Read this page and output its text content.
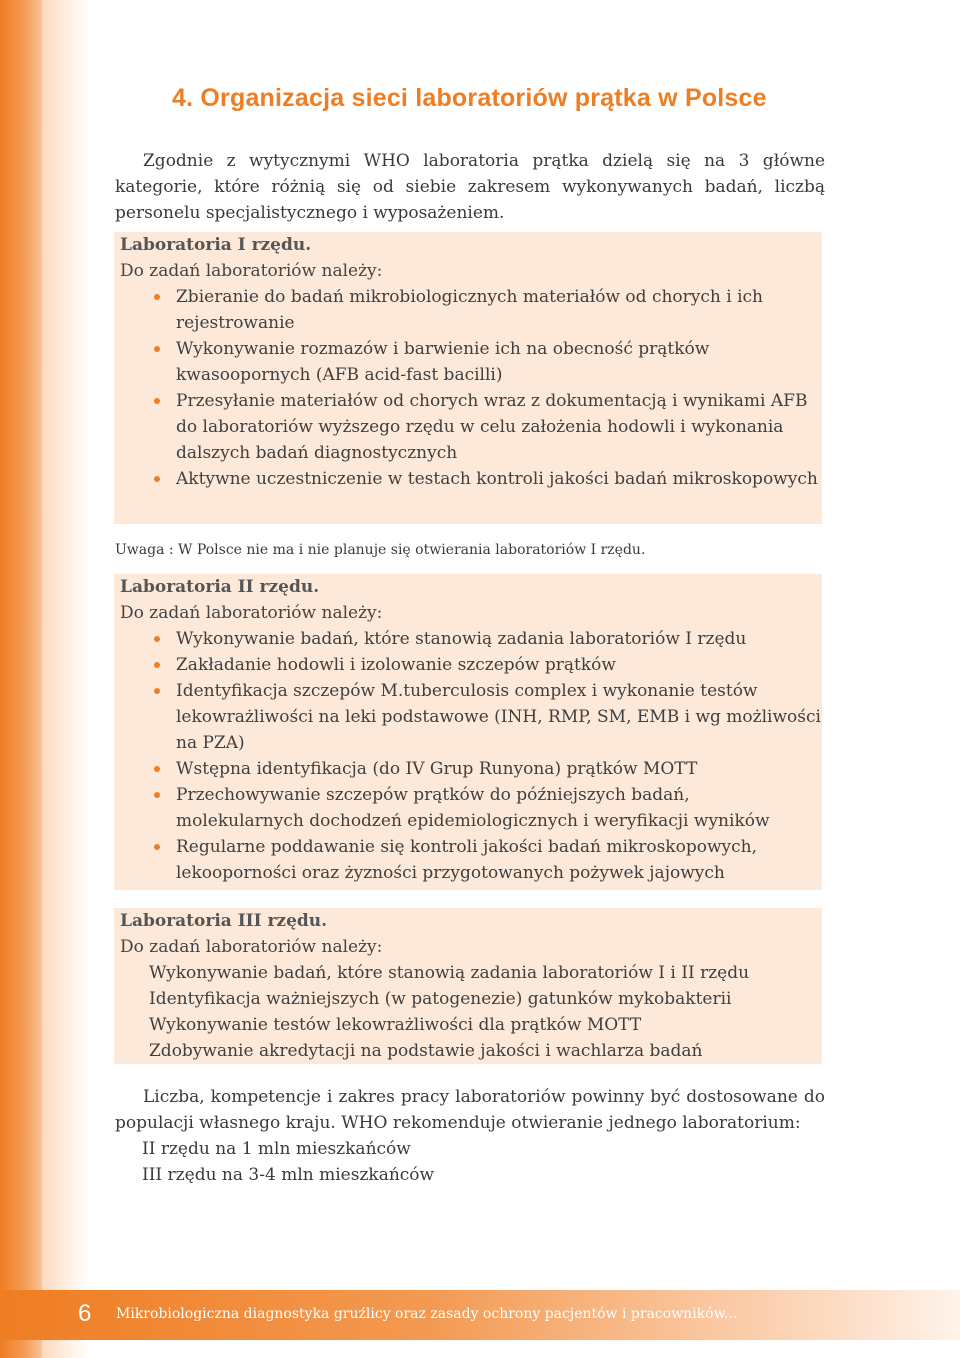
4. Organizacja sieci laboratoriów prątka w Polsce

Zgodnie z wytycznymi WHO laboratoria prątka dzielą się na 3 główne kategorie, które różnią się od siebie zakresem wykonywanych badań, liczbą personelu specjalistycznego i wyposażeniem.

Laboratoria I rzędu.

Do zadań laboratoriów należy:

Zbieranie do badań mikrobiologicznych materiałów od chorych i ich rejestrowanie
Wykonywanie rozmazów i barwienie ich na obecność prątków kwasoopornych (AFB acid-fast bacilli)
Przesyłanie materiałów od chorych wraz z dokumentacją i wynikami AFB do laboratoriów wyższego rzędu w celu założenia hodowli i wykonania dalszych badań diagnostycznych
Aktywne uczestniczenie w testach kontroli jakości badań mikroskopowych

Uwaga : W Polsce nie ma i nie planuje się otwierania laboratoriów I rzędu.

Laboratoria II rzędu.

Do zadań laboratoriów należy:

Wykonywanie badań, które stanowią zadania laboratoriów I rzędu
Zakładanie hodowli i izolowanie szczepów prątków
Identyfikacja szczepów M.tuberculosis complex i wykonanie testów lekowrażliwości na leki podstawowe (INH, RMP, SM, EMB i wg możliwości na PZA)
Wstępna identyfikacja (do IV Grup Runyona) prątków MOTT
Przechowywanie szczepów prątków do późniejszych badań, molekularnych dochodzeń epidemiologicznych i weryfikacji wyników
Regularne poddawanie się kontroli jakości badań mikroskopowych, lekooporności oraz żyzności przygotowanych pożywek jajowych

Laboratoria III rzędu.

Do zadań laboratoriów należy:

Wykonywanie badań, które stanowią zadania laboratoriów I i II rzędu
Identyfikacja ważniejszych (w patogenezie) gatunków mykobakterii
Wykonywanie testów lekowrażliwości dla prątków MOTT
Zdobywanie akredytacji na podstawie jakości i wachlarza badań

Liczba, kompetencje i zakres pracy laboratoriów powinny być dostosowane do populacji własnego kraju. WHO rekomenduje otwieranie jednego laboratorium:

II rzędu na 1 mln mieszkańców
III rzędu na 3-4 mln mieszkańców

6 Mikrobiologiczna diagnostyka gruźlicy oraz zasady ochrony pacjentów i pracowników...
